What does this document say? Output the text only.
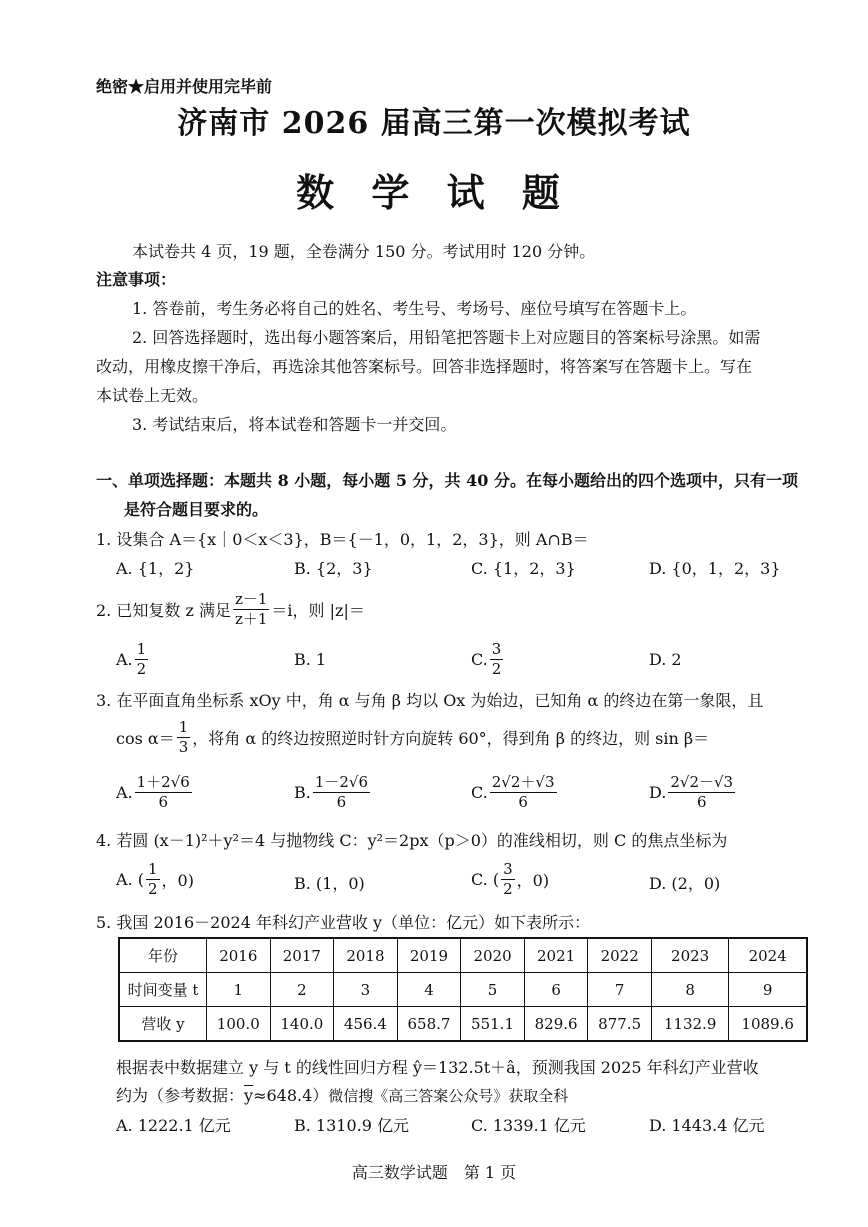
绝密★启用并使用完毕前
济南市 2026 届高三第一次模拟考试
数 学 试 题
本试卷共 4 页，19 题，全卷满分 150 分。考试用时 120 分钟。
注意事项：
1. 答卷前，考生务必将自己的姓名、考生号、考场号、座位号填写在答题卡上。
2. 回答选择题时，选出每小题答案后，用铅笔把答题卡上对应题目的答案标号涂黑。如需
改动，用橡皮擦干净后，再选涂其他答案标号。回答非选择题时，将答案写在答题卡上。写在
本试卷上无效。
3. 考试结束后，将本试卷和答题卡一并交回。
一、单项选择题：本题共 8 小题，每小题 5 分，共 40 分。在每小题给出的四个选项中，只有一项
是符合题目要求的。
1. 设集合 A＝{x｜0＜x＜3}，B＝{－1，0，1，2，3}，则 A∩B＝
A. {1，2}	B. {2，3}	C. {1，2，3}	D. {0，1，2，3}
2. 已知复数 z 满足 $\frac{z-1}{z+1} =i$，则 |z|＝
A. $\frac{1}{2}$	B. 1	C. $\frac{3}{2}$	D. 2
3. 在平面直角坐标系 xOy 中，角 α 与角 β 均以 Ox 为始边，已知角 α 的终边在第一象限，且
$\cos \alpha= \frac{1}{3}$ ，将角 α 的终边按照逆时针方向旋转 60°，得到角 β 的终边，则 sin β＝
A. $\frac{1+2√6}{6}$	B. $\frac{1-2√6}{6}$	C. $\frac{2√2+√3}{6}$	D. $\frac{2√2-√3}{6}$
4. 若圆 (x－1)²＋y²＝4 与抛物线 C：y²＝2px（p＞0）的准线相切，则 C 的焦点坐标为
A. ( $\frac{1}{2}$ ，0)	B. (1，0)	C. ( $\frac{3}{2}$ ，0)	D. (2，0)
5. 我国 2016－2024 年科幻产业营收 y（单位：亿元）如下表所示：
年份	2016	2017	2018	2019	2020	2021	2022	2023	2024
时间变量 t	1	2	3	4	5	6	7	8	9
营收 y	100.0	140.0	456.4	658.7	551.1	829.6	877.5	1132.9	1089.6
根据表中数据建立 y 与 t 的线性回归方程 ŷ＝132.5t＋â，预测我国 2025 年科幻产业营收
约为（参考数据：$\overline{y}\approx 648.4$）微信搜《高三答案公众号》获取全科
A. 1222.1 亿元	B. 1310.9 亿元	C. 1339.1 亿元	D. 1443.4 亿元
高三数学试题　第 1 页
